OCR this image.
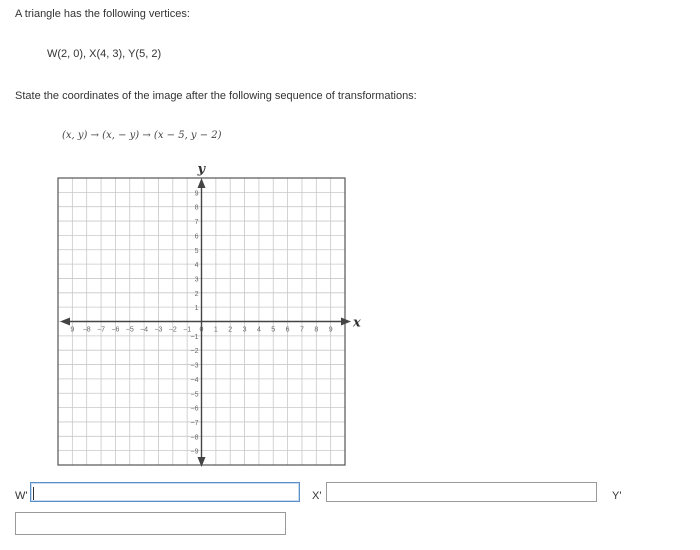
A triangle has the following vertices:

W(2, 0), X(4, 3), Y(5, 2)

State the coordinates of the image after the following sequence of transformations:

(x, y) → (x, − y) → (x − 5, y − 2)

x
y
9 −8 −7 −6 −5 −4 −3 −2 −1 0 1 2 3 4 5 6 7 8 9
9
8
7
6
5
4
3
2
1
−1
−2
−3
−4
−5
−6
−7
−8
−9
W'	X'	Y'
